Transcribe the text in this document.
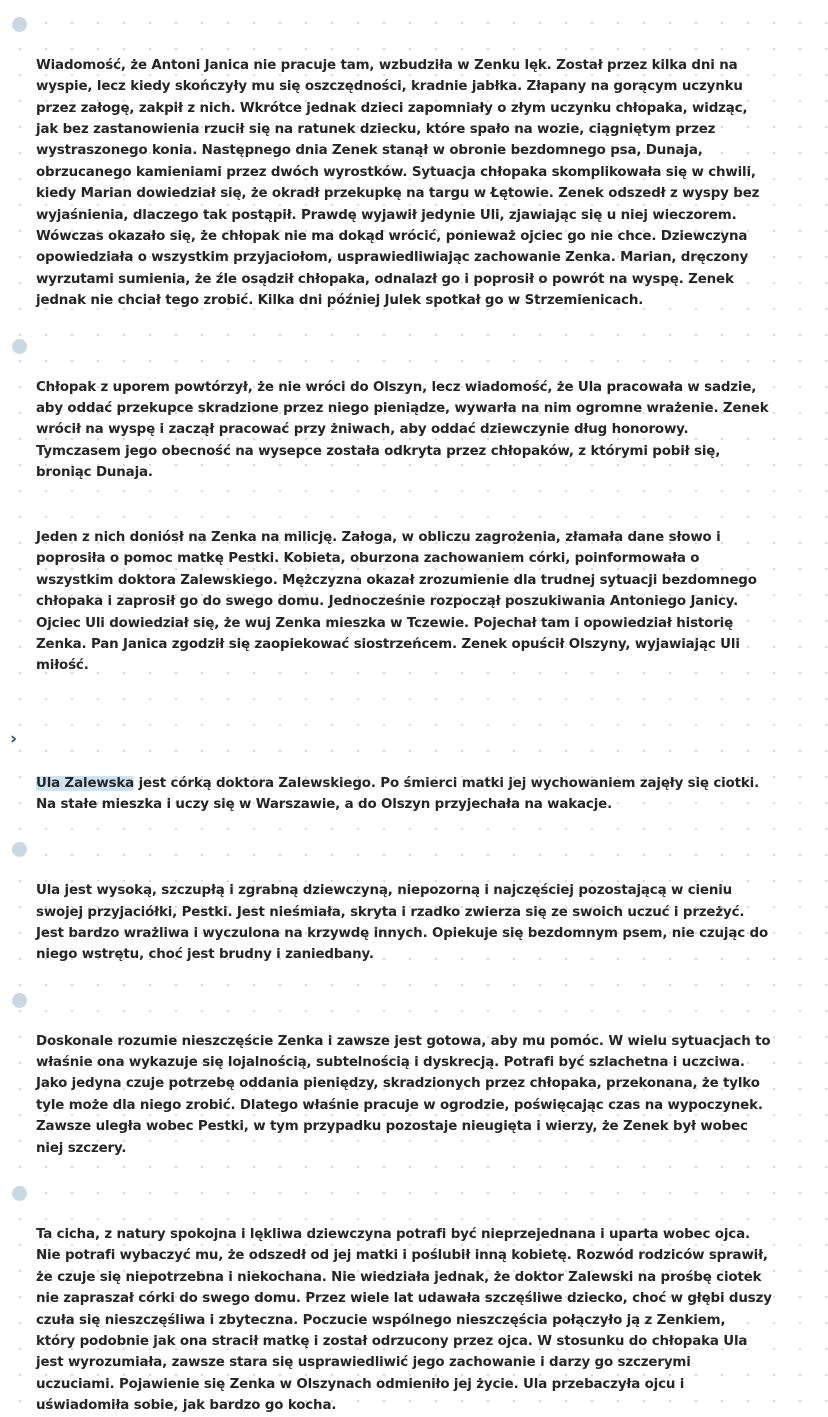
Wiadomość, że Antoni Janica nie pracuje tam, wzbudziła w Zenku lęk. Został przez kilka dni na
wyspie, lecz kiedy skończyły mu się oszczędności, kradnie jabłka. Złapany na gorącym uczynku
przez załogę, zakpił z nich. Wkrótce jednak dzieci zapomniały o złym uczynku chłopaka, widząc,
jak bez zastanowienia rzucił się na ratunek dziecku, które spało na wozie, ciągniętym przez
wystraszonego konia. Następnego dnia Zenek stanął w obronie bezdomnego psa, Dunaja,
obrzucanego kamieniami przez dwóch wyrostków. Sytuacja chłopaka skomplikowała się w chwili,
kiedy Marian dowiedział się, że okradł przekupkę na targu w Łętowie. Zenek odszedł z wyspy bez
wyjaśnienia, dlaczego tak postąpił. Prawdę wyjawił jedynie Uli, zjawiając się u niej wieczorem.
Wówczas okazało się, że chłopak nie ma dokąd wrócić, ponieważ ojciec go nie chce. Dziewczyna
opowiedziała o wszystkim przyjaciołom, usprawiedliwiając zachowanie Zenka. Marian, dręczony
wyrzutami sumienia, że źle osądził chłopaka, odnalazł go i poprosił o powrót na wyspę. Zenek
jednak nie chciał tego zrobić. Kilka dni później Julek spotkał go w Strzemienicach.

Chłopak z uporem powtórzył, że nie wróci do Olszyn, lecz wiadomość, że Ula pracowała w sadzie,
aby oddać przekupce skradzione przez niego pieniądze, wywarła na nim ogromne wrażenie. Zenek
wrócił na wyspę i zaczął pracować przy żniwach, aby oddać dziewczynie dług honorowy.
Tymczasem jego obecność na wysepce została odkryta przez chłopaków, z którymi pobił się,
broniąc Dunaja.

Jeden z nich doniósł na Zenka na milicję. Załoga, w obliczu zagrożenia, złamała dane słowo i
poprosiła o pomoc matkę Pestki. Kobieta, oburzona zachowaniem córki, poinformowała o
wszystkim doktora Zalewskiego. Mężczyzna okazał zrozumienie dla trudnej sytuacji bezdomnego
chłopaka i zaprosił go do swego domu. Jednocześnie rozpoczął poszukiwania Antoniego Janicy.
Ojciec Uli dowiedział się, że wuj Zenka mieszka w Tczewie. Pojechał tam i opowiedział historię
Zenka. Pan Janica zgodził się zaopiekować siostrzeńcem. Zenek opuścił Olszyny, wyjawiając Uli
miłość.

›

Ula Zalewska jest córką doktora Zalewskiego. Po śmierci matki jej wychowaniem zajęły się ciotki.
Na stałe mieszka i uczy się w Warszawie, a do Olszyn przyjechała na wakacje.

Ula jest wysoką, szczupłą i zgrabną dziewczyną, niepozorną i najczęściej pozostającą w cieniu
swojej przyjaciółki, Pestki. Jest nieśmiała, skryta i rzadko zwierza się ze swoich uczuć i przeżyć.
Jest bardzo wrażliwa i wyczulona na krzywdę innych. Opiekuje się bezdomnym psem, nie czując do
niego wstrętu, choć jest brudny i zaniedbany.

Doskonale rozumie nieszczęście Zenka i zawsze jest gotowa, aby mu pomóc. W wielu sytuacjach to
właśnie ona wykazuje się lojalnością, subtelnością i dyskrecją. Potrafi być szlachetna i uczciwa.
Jako jedyna czuje potrzebę oddania pieniędzy, skradzionych przez chłopaka, przekonana, że tylko
tyle może dla niego zrobić. Dlatego właśnie pracuje w ogrodzie, poświęcając czas na wypoczynek.
Zawsze uległa wobec Pestki, w tym przypadku pozostaje nieugięta i wierzy, że Zenek był wobec
niej szczery.

Ta cicha, z natury spokojna i lękliwa dziewczyna potrafi być nieprzejednana i uparta wobec ojca.
Nie potrafi wybaczyć mu, że odszedł od jej matki i poślubił inną kobietę. Rozwód rodziców sprawił,
że czuje się niepotrzebna i niekochana. Nie wiedziała jednak, że doktor Zalewski na prośbę ciotek
nie zapraszał córki do swego domu. Przez wiele lat udawała szczęśliwe dziecko, choć w głębi duszy
czuła się nieszczęśliwa i zbyteczna. Poczucie wspólnego nieszczęścia połączyło ją z Zenkiem,
który podobnie jak ona stracił matkę i został odrzucony przez ojca. W stosunku do chłopaka Ula
jest wyrozumiała, zawsze stara się usprawiedliwić jego zachowanie i darzy go szczerymi
uczuciami. Pojawienie się Zenka w Olszynach odmieniło jej życie. Ula przebaczyła ojcu i
uświadomiła sobie, jak bardzo go kocha.
